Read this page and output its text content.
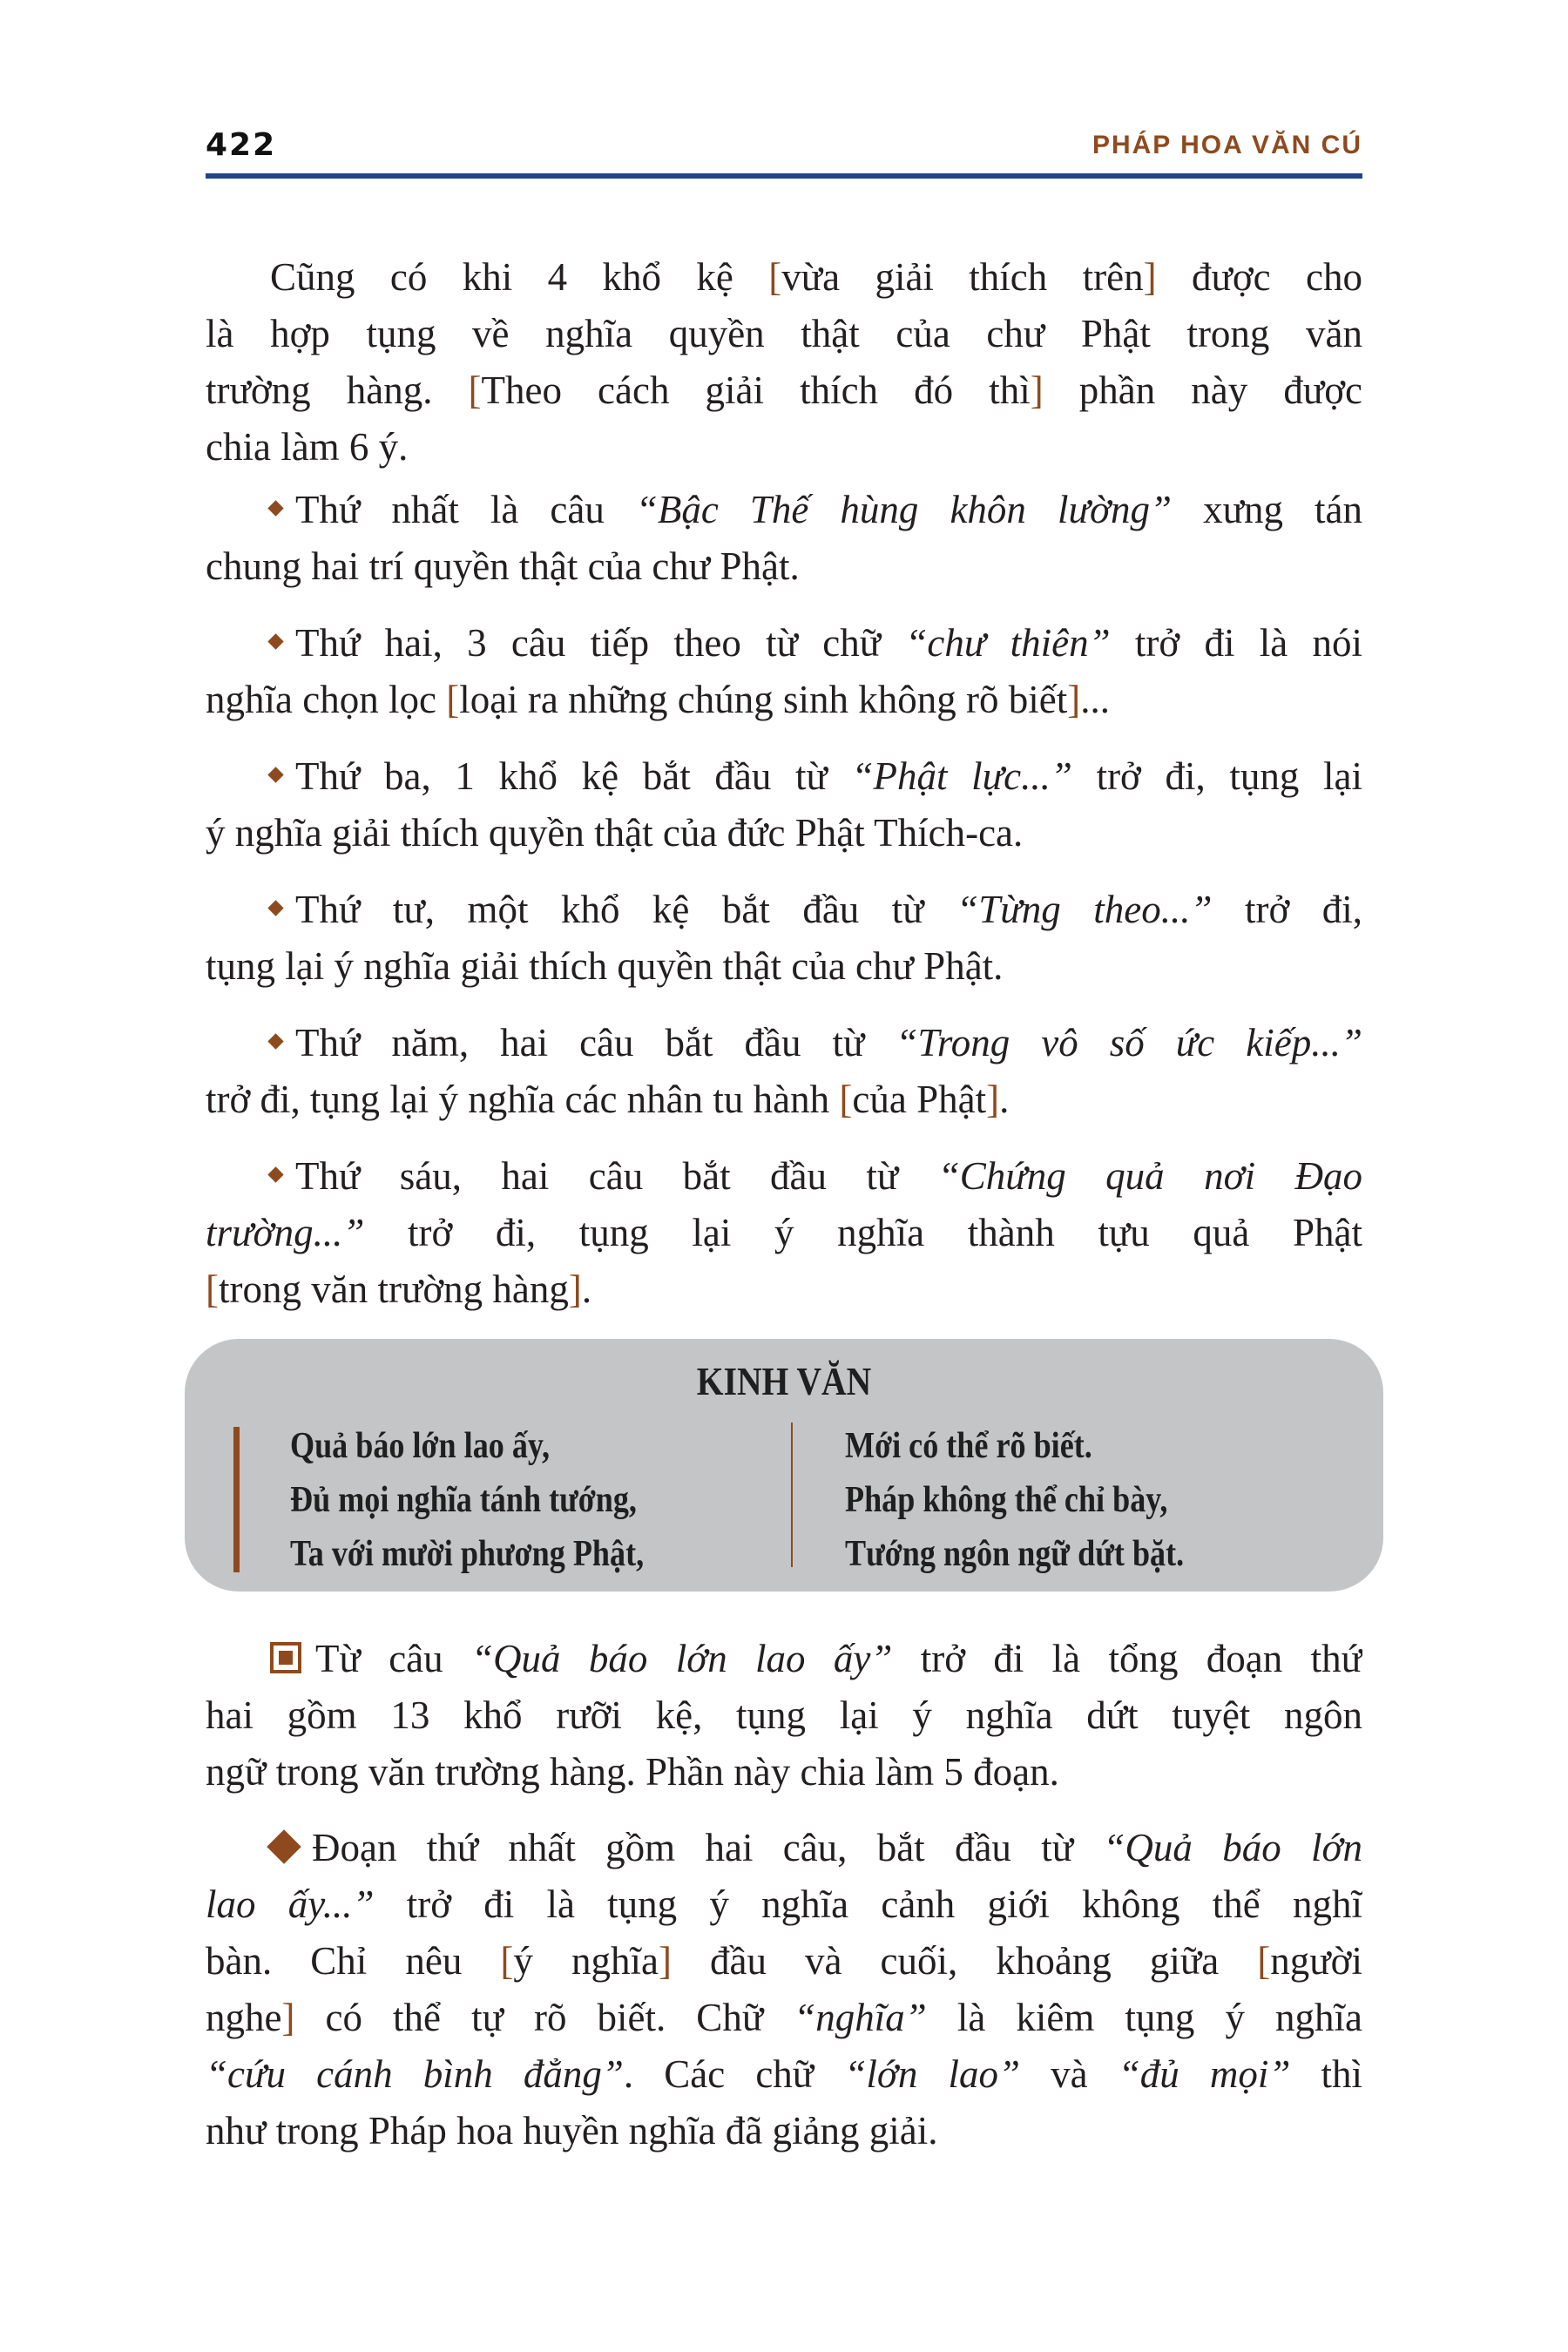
422	PHÁP HOA VĂN CÚ
Cũng có khi 4 khổ kệ [vừa giải thích trên] được cho
là hợp tụng về nghĩa quyền thật của chư Phật trong văn
trường hàng. [Theo cách giải thích đó thì] phần này được
chia làm 6 ý.
Thứ nhất là câu “Bậc Thế hùng khôn lường” xưng tán
chung hai trí quyền thật của chư Phật.
Thứ hai, 3 câu tiếp theo từ chữ “chư thiên” trở đi là nói
nghĩa chọn lọc [loại ra những chúng sinh không rõ biết]...
Thứ ba, 1 khổ kệ bắt đầu từ “Phật lực...” trở đi, tụng lại
ý nghĩa giải thích quyền thật của đức Phật Thích-ca.
Thứ tư, một khổ kệ bắt đầu từ “Từng theo...” trở đi,
tụng lại ý nghĩa giải thích quyền thật của chư Phật.
Thứ năm, hai câu bắt đầu từ “Trong vô số ức kiếp...”
trở đi, tụng lại ý nghĩa các nhân tu hành [của Phật].
Thứ sáu, hai câu bắt đầu từ “Chứng quả nơi Đạo
trường...” trở đi, tụng lại ý nghĩa thành tựu quả Phật
[trong văn trường hàng].
KINH VĂN
Quả báo lớn lao ấy,
Đủ mọi nghĩa tánh tướng,
Ta với mười phương Phật,
Mới có thể rõ biết.
Pháp không thể chỉ bày,
Tướng ngôn ngữ dứt bặt.
Từ câu “Quả báo lớn lao ấy” trở đi là tổng đoạn thứ
hai gồm 13 khổ rưỡi kệ, tụng lại ý nghĩa dứt tuyệt ngôn
ngữ trong văn trường hàng. Phần này chia làm 5 đoạn.
Đoạn thứ nhất gồm hai câu, bắt đầu từ “Quả báo lớn
lao ấy...” trở đi là tụng ý nghĩa cảnh giới không thể nghĩ
bàn. Chỉ nêu [ý nghĩa] đầu và cuối, khoảng giữa [người
nghe] có thể tự rõ biết. Chữ “nghĩa” là kiêm tụng ý nghĩa
“cứu cánh bình đẳng”. Các chữ “lớn lao” và “đủ mọi” thì
như trong Pháp hoa huyền nghĩa đã giảng giải.
